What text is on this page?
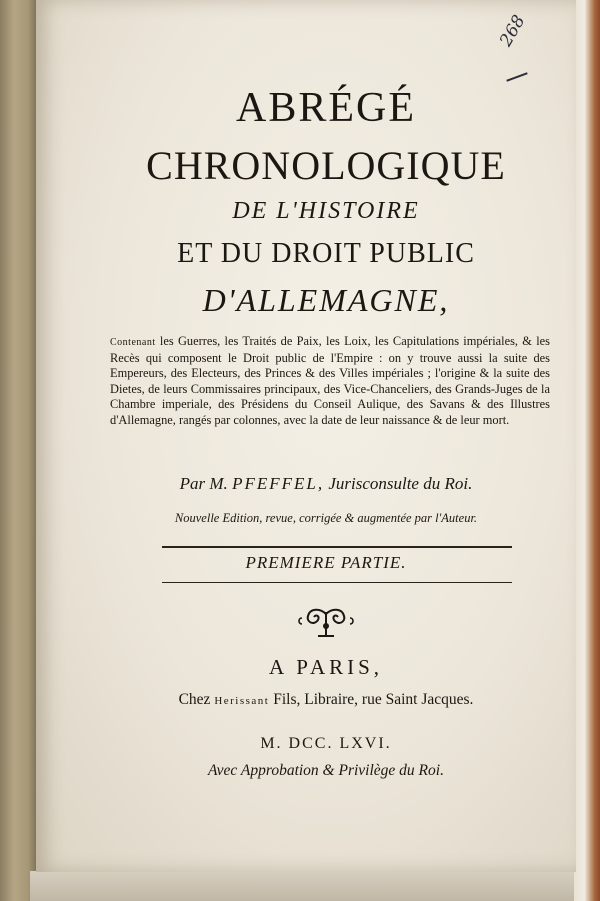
268
ABRÉGÉ
CHRONOLOGIQUE
DE L'HISTOIRE
ET DU DROIT PUBLIC
D'ALLEMAGNE,
Contenant les Guerres, les Traités de Paix, les Loix, les Capitulations impériales, & les Recès qui composent le Droit public de l'Empire : on y trouve aussi la suite des Empereurs, des Electeurs, des Princes & des Villes impériales ; l'origine & la suite des Dietes, de leurs Commissaires principaux, des Vice-Chanceliers, des Grands-Juges de la Chambre imperiale, des Présidens du Conseil Aulique, des Savans & des Illustres d'Allemagne, rangés par colonnes, avec la date de leur naissance & de leur mort.
Par M. PFEFFEL, Jurisconsulte du Roi.
Nouvelle Edition, revue, corrigée & augmentée par l'Auteur.
PREMIERE PARTIE.
A PARIS,
Chez Herissant Fils, Libraire, rue Saint Jacques.
M. DCC. LXVI.
Avec Approbation & Privilège du Roi.
